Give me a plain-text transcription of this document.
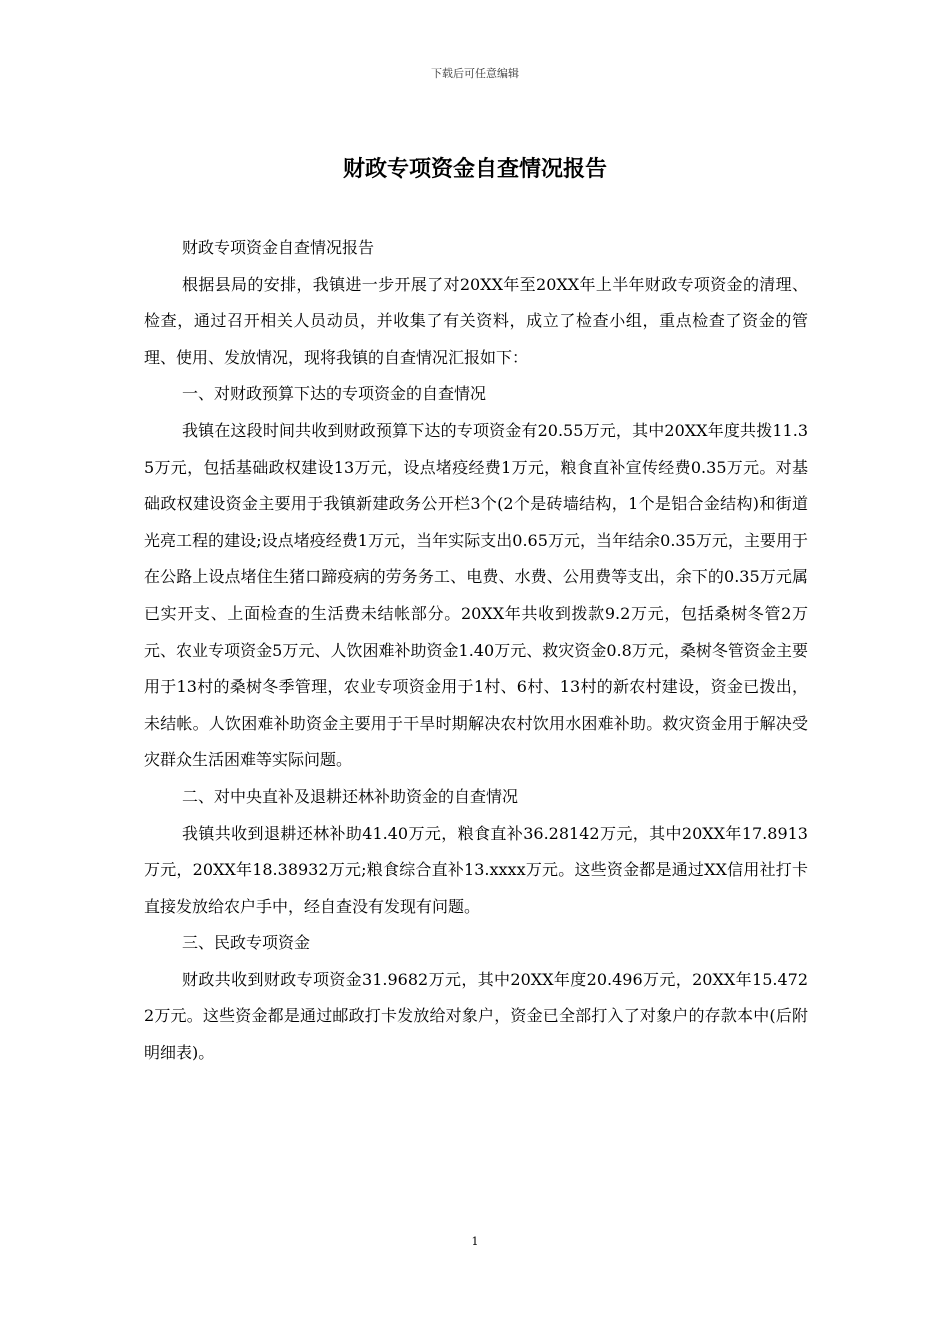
下载后可任意编辑
财政专项资金自查情况报告

财政专项资金自查情况报告

根据县局的安排，我镇进一步开展了对20XX年至20XX年上半年财政专项资金的清理、检查，通过召开相关人员动员，并收集了有关资料，成立了检查小组，重点检查了资金的管理、使用、发放情况，现将我镇的自查情况汇报如下：

一、对财政预算下达的专项资金的自查情况

我镇在这段时间共收到财政预算下达的专项资金有20.55万元，其中20XX年度共拨11.35万元，包括基础政权建设13万元，设点堵疫经费1万元，粮食直补宣传经费0.35万元。对基础政权建设资金主要用于我镇新建政务公开栏3个(2个是砖墙结构，1个是铝合金结构)和街道光亮工程的建设;设点堵疫经费1万元，当年实际支出0.65万元，当年结余0.35万元，主要用于在公路上设点堵住生猪口蹄疫病的劳务务工、电费、水费、公用费等支出，余下的0.35万元属已实开支、上面检查的生活费未结帐部分。20XX年共收到拨款9.2万元，包括桑树冬管2万元、农业专项资金5万元、人饮困难补助资金1.40万元、救灾资金0.8万元，桑树冬管资金主要用于13村的桑树冬季管理，农业专项资金用于1村、6村、13村的新农村建设，资金已拨出，未结帐。人饮困难补助资金主要用于干旱时期解决农村饮用水困难补助。救灾资金用于解决受灾群众生活困难等实际问题。

二、对中央直补及退耕还林补助资金的自查情况

我镇共收到退耕还林补助41.40万元，粮食直补36.28142万元，其中20XX年17.8913万元，20XX年18.38932万元;粮食综合直补13.xxxx万元。这些资金都是通过XX信用社打卡直接发放给农户手中，经自查没有发现有问题。

三、民政专项资金

财政共收到财政专项资金31.9682万元，其中20XX年度20.496万元，20XX年15.4722万元。这些资金都是通过邮政打卡发放给对象户，资金已全部打入了对象户的存款本中(后附明细表)。

1
